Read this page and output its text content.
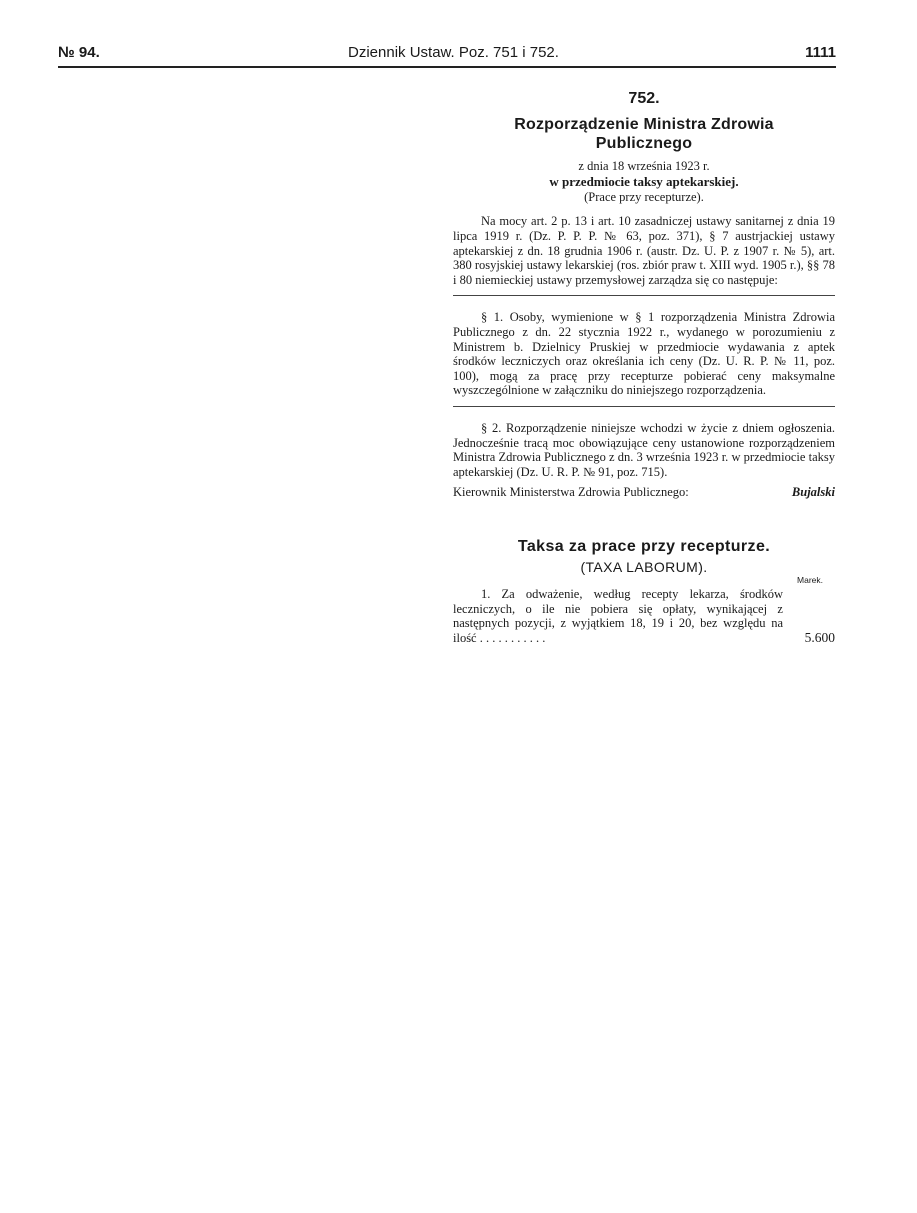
№ 94.	Dziennik Ustaw. Poz. 751 i 752.	1111
752.
Rozporządzenie Ministra Zdrowia
Publicznego
z dnia 18 września 1923 r.
w przedmiocie taksy aptekarskiej.
(Prace przy recepturze).

Na mocy art. 2 p. 13 i art. 10 zasadniczej ustawy sanitarnej z dnia 19 lipca 1919 r. (Dz. P. P. P. № 63, poz. 371), § 7 austrjackiej ustawy aptekarskiej z dn. 18 grudnia 1906 r. (austr. Dz. U. P. z 1907 r. № 5), art. 380 rosyjskiej ustawy lekarskiej (ros. zbiór praw t. XIII wyd. 1905 r.), §§ 78 i 80 niemieckiej ustawy przemysłowej zarządza się co następuje:

§ 1. Osoby, wymienione w § 1 rozporządzenia Ministra Zdrowia Publicznego z dn. 22 stycznia 1922 r., wydanego w porozumieniu z Ministrem b. Dzielnicy Pruskiej w przedmiocie wydawania z aptek środków leczniczych oraz określania ich ceny (Dz. U. R. P. № 11, poz. 100), mogą za pracę przy recepturze pobierać ceny maksymalne wyszczególnione w załączniku do niniejszego rozporządzenia.

§ 2. Rozporządzenie niniejsze wchodzi w życie z dniem ogłoszenia. Jednocześnie tracą moc obowiązujące ceny ustanowione rozporządzeniem Ministra Zdrowia Publicznego z dn. 3 września 1923 r. w przedmiocie taksy aptekarskiej (Dz. U. R. P. № 91, poz. 715).

Kierownik Ministerstwa Zdrowia Publicznego:	Bujalski
Taksa za prace przy recepturze.
(TAXA LABORUM).
Marek.

1. Za odważenie, według recepty lekarza, środków leczniczych, o ile nie pobiera się opłaty, wynikającej z następnych pozycji, z wyjątkiem 18, 19 i 20, bez względu na ilość . . . . . . . . . . .	5.600
